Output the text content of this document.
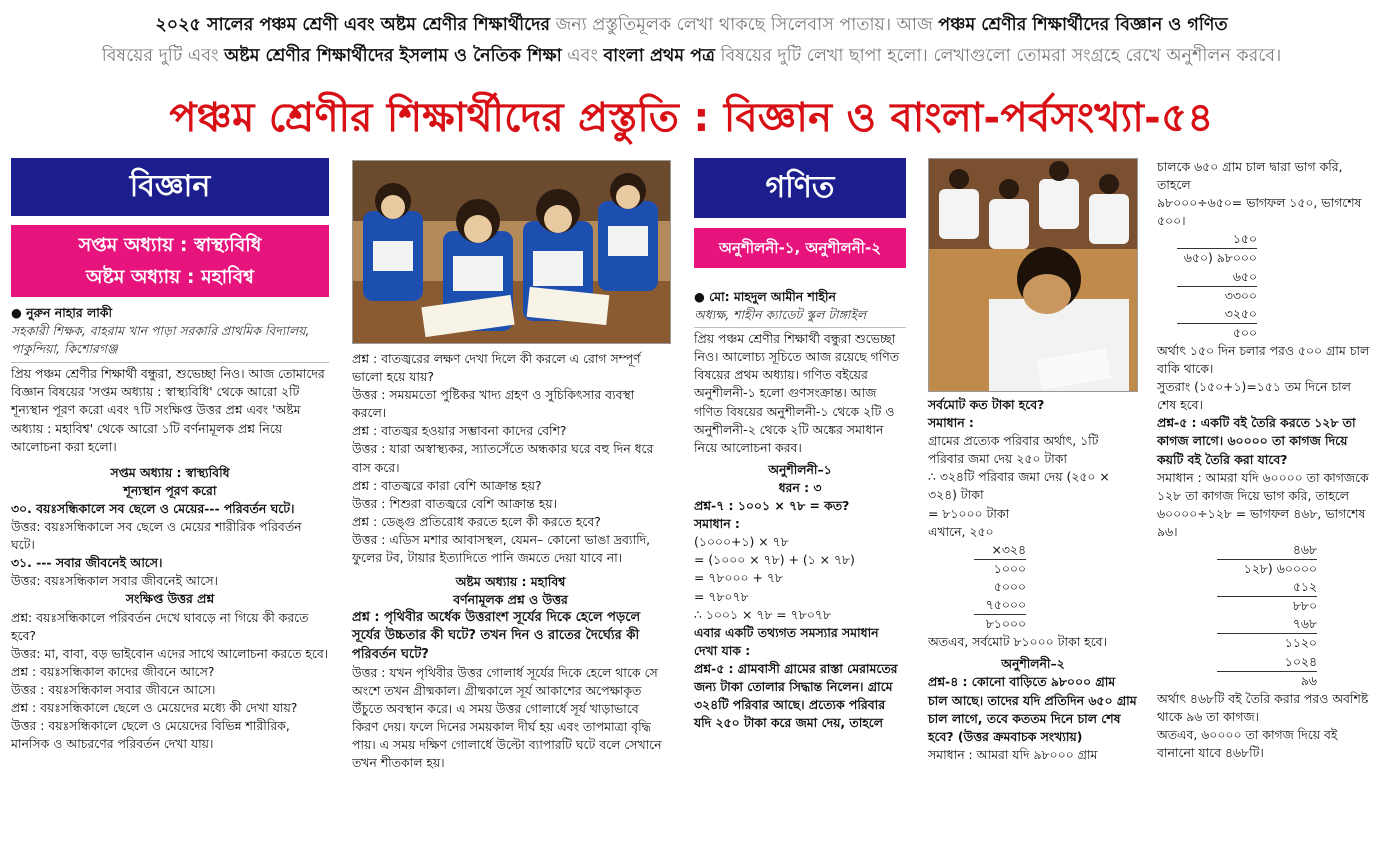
২০২৫ সালের পঞ্চম শ্রেণী এবং অষ্টম শ্রেণীর শিক্ষার্থীদের জন্য প্রস্তুতিমূলক লেখা থাকছে সিলেবাস পাতায়। আজ পঞ্চম শ্রেণীর শিক্ষার্থীদের বিজ্ঞান ও গণিত
বিষয়ের দুটি এবং অষ্টম শ্রেণীর শিক্ষার্থীদের ইসলাম ও নৈতিক শিক্ষা এবং বাংলা প্রথম পত্র বিষয়ের দুটি লেখা ছাপা হলো। লেখাগুলো তোমরা সংগ্রহে রেখে অনুশীলন করবে।
পঞ্চম শ্রেণীর শিক্ষার্থীদের প্রস্তুতি : বিজ্ঞান ও বাংলা-পর্বসংখ্যা-৫৪
বিজ্ঞান
সপ্তম অধ্যায় : স্বাস্থ্যবিধি
অষ্টম অধ্যায় : মহাবিশ্ব

● নুরুন নাহার লাকী

সহকারী শিক্ষক, বাহরাম খান পাড়া সরকারি প্রাথমিক বিদ্যালয়, পাকুন্দিয়া, কিশোরগঞ্জ

প্রিয় পঞ্চম শ্রেণীর শিক্ষার্থী বন্ধুরা, শুভেচ্ছা নিও। আজ তোমাদের বিজ্ঞান বিষয়ের 'সপ্তম অধ্যায় : স্বাস্থ্যবিধি' থেকে আরো ২টি শূন্যস্থান পূরণ করো এবং ৭টি সংক্ষিপ্ত উত্তর প্রশ্ন এবং 'অষ্টম অধ্যায় : মহাবিশ্ব' থেকে আরো ১টি বর্ণনামূলক প্রশ্ন নিয়ে আলোচনা করা হলো।

সপ্তম অধ্যায় : স্বাস্থ্যবিধি

শূন্যস্থান পূরণ করো

৩০. বয়ঃসন্ধিকালে সব ছেলে ও মেয়ের--- পরিবর্তন ঘটে।

উত্তর: বয়ঃসন্ধিকালে সব ছেলে ও মেয়ের শারীরিক পরিবর্তন ঘটে।

৩১. --- সবার জীবনেই আসে।

উত্তর: বয়ঃসন্ধিকাল সবার জীবনেই আসে।

সংক্ষিপ্ত উত্তর প্রশ্ন

প্রশ্ন: বয়ঃসন্ধিকালে পরিবর্তন দেখে ঘাবড়ে না গিয়ে কী করতে হবে?

উত্তর: মা, বাবা, বড় ভাইবোন এদের সাথে আলোচনা করতে হবে।

প্রশ্ন : বয়ঃসন্ধিকাল কাদের জীবনে আসে?

উত্তর : বয়ঃসন্ধিকাল সবার জীবনে আসে।

প্রশ্ন : বয়ঃসন্ধিকালে ছেলে ও মেয়েদের মধ্যে কী দেখা যায়?

উত্তর : বয়ঃসন্ধিকালে ছেলে ও মেয়েদের বিভিন্ন শারীরিক, মানসিক ও আচরণের পরিবর্তন দেখা যায়।

প্রশ্ন : বাতজ্বরের লক্ষণ দেখা দিলে কী করলে এ রোগ সম্পূর্ণ ভালো হয়ে যায়?

উত্তর : সময়মতো পুষ্টিকর খাদ্য গ্রহণ ও সুচিকিৎসার ব্যবস্থা করলে।

প্রশ্ন : বাতজ্বর হওয়ার সম্ভাবনা কাদের বেশি?

উত্তর : যারা অস্বাস্থ্যকর, স্যাতসেঁতে অন্ধকার ঘরে বহু দিন ধরে বাস করে।

প্রশ্ন : বাতজ্বরে কারা বেশি আক্রান্ত হয়?

উত্তর : শিশুরা বাতজ্বরে বেশি আক্রান্ত হয়।

প্রশ্ন : ডেঙ্গু প্রতিরোধ করতে হলে কী করতে হবে?

উত্তর : এডিস মশার আবাসস্থল, যেমন– কোনো ভাঙা দ্রব্যাদি, ফুলের টব, টায়ার ইত্যাদিতে পানি জমতে দেয়া যাবে না।

অষ্টম অধ্যায় : মহাবিশ্ব

বর্ণনামূলক প্রশ্ন ও উত্তর

প্রশ্ন : পৃথিবীর অর্ধেক উত্তরাংশ সূর্যের দিকে হেলে পড়লে সূর্যের উচ্চতার কী ঘটে? তখন দিন ও রাতের দৈর্ঘ্যের কী পরিবর্তন ঘটে?

উত্তর : যখন পৃথিবীর উত্তর গোলার্ধ সূর্যের দিকে হেলে থাকে সে অংশে তখন গ্রীষ্মকাল। গ্রীষ্মকালে সূর্য আকাশের অপেক্ষাকৃত উঁচুতে অবস্থান করে। এ সময় উত্তর গোলার্ধে সূর্য খাড়াভাবে কিরণ দেয়। ফলে দিনের সময়কাল দীর্ঘ হয় এবং তাপমাত্রা বৃদ্ধি পায়। এ সময় দক্ষিণ গোলার্ধে উল্টো ব্যাপারটি ঘটে বলে সেখানে তখন শীতকাল হয়।

গণিত
অনুশীলনী-১, অনুশীলনী-২

● মো: মাহদুল আমীন শাহীন

অধ্যক্ষ, শাহীন ক্যাডেট স্কুল টাঙ্গাইল

প্রিয় পঞ্চম শ্রেণীর শিক্ষার্থী বন্ধুরা শুভেচ্ছা নিও। আলোচ্য সূচিতে আজ রয়েছে গণিত বিষয়ের প্রথম অধ্যায়। গণিত বইয়ের অনুশীলনী-১ হলো গুণসংক্রান্ত। আজ গণিত বিষয়ের অনুশীলনী-১ থেকে ২টি ও অনুশীলনী-২ থেকে ২টি অঙ্কের সমাধান নিয়ে আলোচনা করব।

অনুশীলনী–১

ধরন : ৩

প্রশ্ন-৭ : ১০০১ × ৭৮ = কত?

সমাধান :

(১০০০+১) × ৭৮

= (১০০০ × ৭৮) + (১ × ৭৮)

= ৭৮০০০ + ৭৮

= ৭৮০৭৮

∴ ১০০১ × ৭৮ = ৭৮০৭৮

এবার একটি তথ্যগত সমস্যার সমাধান দেখা যাক :

প্রশ্ন-৫ : গ্রামবাসী গ্রামের রাস্তা মেরামতের জন্য টাকা তোলার সিদ্ধান্ত নিলেন। গ্রামে ৩২৪টি পরিবার আছে। প্রত্যেক পরিবার যদি ২৫০ টাকা করে জমা দেয়, তাহলে

সর্বমোট কত টাকা হবে?

সমাধান :

গ্রামের প্রত্যেক পরিবার অর্থাৎ, ১টি পরিবার জমা দেয় ২৫০ টাকা

∴ ৩২৪টি পরিবার জমা দেয় (২৫০ × ৩২৪) টাকা

= ৮১০০০ টাকা

এখানে, ২৫০

×৩২৪

১০০০

৫০০০

৭৫০০০

৮১০০০

অতএব, সর্বমোট ৮১০০০ টাকা হবে।

অনুশীলনী–২

প্রশ্ন-৪ : কোনো বাড়িতে ৯৮০০০ গ্রাম চাল আছে। তাদের যদি প্রতিদিন ৬৫০ গ্রাম চাল লাগে, তবে কততম দিনে চাল শেষ হবে? (উত্তর ক্রমবাচক সংখ্যায়)

সমাধান : আমরা যদি ৯৮০০০ গ্রাম

চালকে ৬৫০ গ্রাম চাল দ্বারা ভাগ করি, তাহলে

৯৮০০০÷৬৫০= ভাগফল ১৫০, ভাগশেষ ৫০০।

১৫০

৬৫০) ৯৮০০০

৬৫০

৩৩০০

৩২৫০

৫০০

অর্থাৎ ১৫০ দিন চলার পরও ৫০০ গ্রাম চাল বাকি থাকে।

সুতরাং (১৫০+১)=১৫১ তম দিনে চাল শেষ হবে।

প্রশ্ন-৫ : একটি বই তৈরি করতে ১২৮ তা কাগজ লাগে। ৬০০০০ তা কাগজ দিয়ে কয়টি বই তৈরি করা যাবে?

সমাধান : আমরা যদি ৬০০০০ তা কাগজকে ১২৮ তা কাগজ দিয়ে ভাগ করি, তাহলে

৬০০০০÷১২৮ = ভাগফল ৪৬৮, ভাগশেষ ৯৬।

৪৬৮

১২৮) ৬০০০০

৫১২

৮৮০

৭৬৮

১১২০

১০২৪

৯৬

অর্থাৎ ৪৬৮টি বই তৈরি করার পরও অবশিষ্ট থাকে ৯৬ তা কাগজ।

অতএব, ৬০০০০ তা কাগজ দিয়ে বই বানানো যাবে ৪৬৮টি।
